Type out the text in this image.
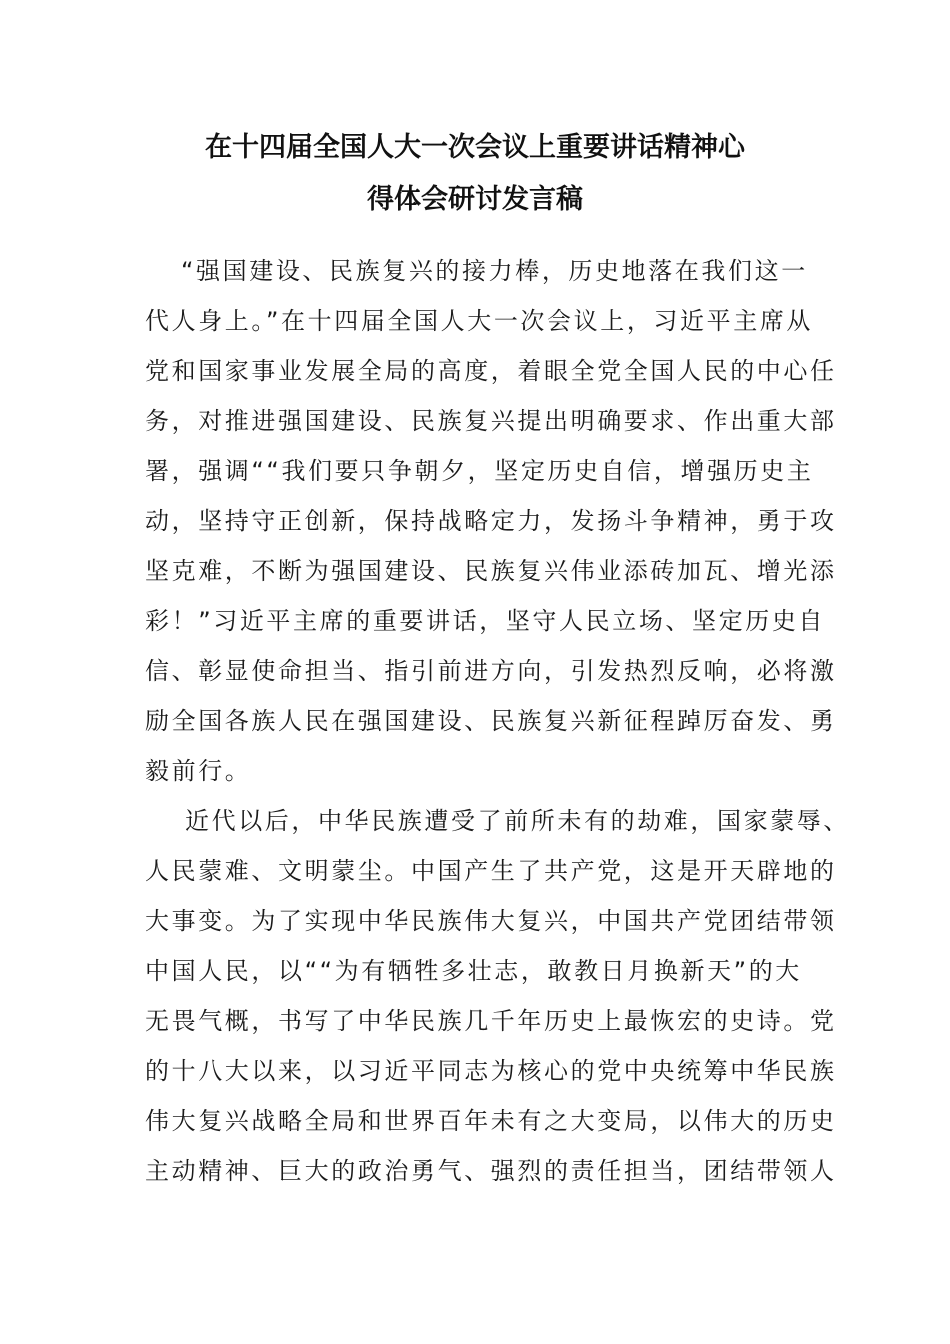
在十四届全国人大一次会议上重要讲话精神心
得体会研讨发言稿
“强国建设、民族复兴的接力棒，历史地落在我们这一
代人身上。”在十四届全国人大一次会议上，习近平主席从
党和国家事业发展全局的高度，着眼全党全国人民的中心任
务，对推进强国建设、民族复兴提出明确要求、作出重大部
署，强调““我们要只争朝夕，坚定历史自信，增强历史主
动，坚持守正创新，保持战略定力，发扬斗争精神，勇于攻
坚克难，不断为强国建设、民族复兴伟业添砖加瓦、增光添
彩！”习近平主席的重要讲话，坚守人民立场、坚定历史自
信、彰显使命担当、指引前进方向，引发热烈反响，必将激
励全国各族人民在强国建设、民族复兴新征程踔厉奋发、勇
毅前行。
近代以后，中华民族遭受了前所未有的劫难，国家蒙辱、
人民蒙难、文明蒙尘。中国产生了共产党，这是开天辟地的
大事变。为了实现中华民族伟大复兴，中国共产党团结带领
中国人民，以““为有牺牲多壮志，敢教日月换新天”的大
无畏气概，书写了中华民族几千年历史上最恢宏的史诗。党
的十八大以来，以习近平同志为核心的党中央统筹中华民族
伟大复兴战略全局和世界百年未有之大变局，以伟大的历史
主动精神、巨大的政治勇气、强烈的责任担当，团结带领人
